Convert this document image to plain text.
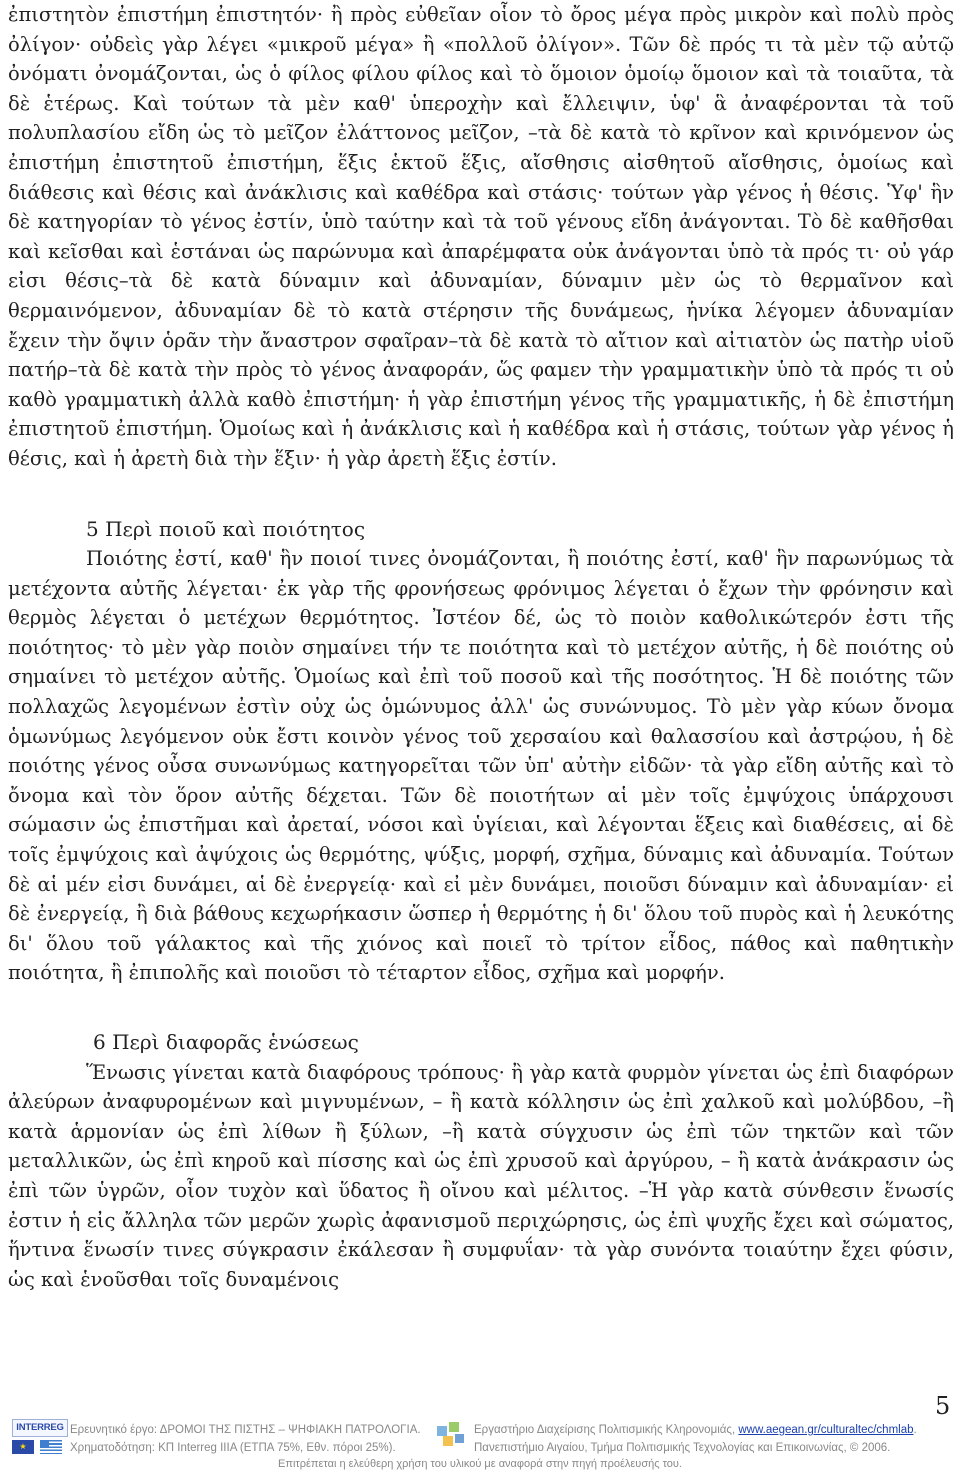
ἐπιστητὸν ἐπιστήμη ἐπιστητόν· ἢ πρὸς εὐθεῖαν οἷον τὸ ὄρος μέγα πρὸς μικρὸν καὶ πολὺ πρὸς ὀλίγον· οὐδεὶς γὰρ λέγει «μικροῦ μέγα» ἢ «πολλοῦ ὀλίγον». Τῶν δὲ πρός τι τὰ μὲν τῷ αὐτῷ ὀνόματι ὀνομάζονται, ὡς ὁ φίλος φίλου φίλος καὶ τὸ ὅμοιον ὁμοίῳ ὅμοιον καὶ τὰ τοιαῦτα, τὰ δὲ ἑτέρως. Καὶ τούτων τὰ μὲν καθ' ὑπεροχὴν καὶ ἔλλειψιν, ὑφ' ἃ ἀναφέρονται τὰ τοῦ πολυπλασίου εἴδη ὡς τὸ μεῖζον ἐλάττονος μεῖζον, –τὰ δὲ κατὰ τὸ κρῖνον καὶ κρινόμενον ὡς ἐπιστήμη ἐπιστητοῦ ἐπιστήμη, ἕξις ἑκτοῦ ἕξις, αἴσθησις αἰσθητοῦ αἴσθησις, ὁμοίως καὶ διάθεσις καὶ θέσις καὶ ἀνάκλισις καὶ καθέδρα καὶ στάσις· τούτων γὰρ γένος ἡ θέσις. Ὑφ' ἣν δὲ κατηγορίαν τὸ γένος ἐστίν, ὑπὸ ταύτην καὶ τὰ τοῦ γένους εἴδη ἀνάγονται. Τὸ δὲ καθῆσθαι καὶ κεῖσθαι καὶ ἑστάναι ὡς παρώνυμα καὶ ἀπαρέμφατα οὐκ ἀνάγονται ὑπὸ τὰ πρός τι· οὐ γάρ εἰσι θέσις–τὰ δὲ κατὰ δύναμιν καὶ ἀδυναμίαν, δύναμιν μὲν ὡς τὸ θερμαῖνον καὶ θερμαινόμενον, ἀδυναμίαν δὲ τὸ κατὰ στέρησιν τῆς δυνάμεως, ἡνίκα λέγομεν ἀδυναμίαν ἔχειν τὴν ὄψιν ὁρᾶν τὴν ἄναστρον σφαῖραν–τὰ δὲ κατὰ τὸ αἴτιον καὶ αἰτιατὸν ὡς πατὴρ υἱοῦ πατήρ–τὰ δὲ κατὰ τὴν πρὸς τὸ γένος ἀναφοράν, ὥς φαμεν τὴν γραμματικὴν ὑπὸ τὰ πρός τι οὐ καθὸ γραμματικὴ ἀλλὰ καθὸ ἐπιστήμη· ἡ γὰρ ἐπιστήμη γένος τῆς γραμματικῆς, ἡ δὲ ἐπιστήμη ἐπιστητοῦ ἐπιστήμη. Ὁμοίως καὶ ἡ ἀνάκλισις καὶ ἡ καθέδρα καὶ ἡ στάσις, τούτων γὰρ γένος ἡ θέσις, καὶ ἡ ἀρετὴ διὰ τὴν ἕξιν· ἡ γὰρ ἀρετὴ ἕξις ἐστίν.

5 Περὶ ποιοῦ καὶ ποιότητος

Ποιότης ἐστί, καθ' ἣν ποιοί τινες ὀνομάζονται, ἢ ποιότης ἐστί, καθ' ἣν παρωνύμως τὰ μετέχοντα αὐτῆς λέγεται· ἐκ γὰρ τῆς φρονήσεως φρόνιμος λέγεται ὁ ἔχων τὴν φρόνησιν καὶ θερμὸς λέγεται ὁ μετέχων θερμότητος. Ἰστέον δέ, ὡς τὸ ποιὸν καθολικώτερόν ἐστι τῆς ποιότητος· τὸ μὲν γὰρ ποιὸν σημαίνει τήν τε ποιότητα καὶ τὸ μετέχον αὐτῆς, ἡ δὲ ποιότης οὐ σημαίνει τὸ μετέχον αὐτῆς. Ὁμοίως καὶ ἐπὶ τοῦ ποσοῦ καὶ τῆς ποσότητος. Ἡ δὲ ποιότης τῶν πολλαχῶς λεγομένων ἐστὶν οὐχ ὡς ὁμώνυμος ἀλλ' ὡς συνώνυμος. Τὸ μὲν γὰρ κύων ὄνομα ὁμωνύμως λεγόμενον οὐκ ἔστι κοινὸν γένος τοῦ χερσαίου καὶ θαλασσίου καὶ ἀστρῴου, ἡ δὲ ποιότης γένος οὖσα συνωνύμως κατηγορεῖται τῶν ὑπ' αὐτὴν εἰδῶν· τὰ γὰρ εἴδη αὐτῆς καὶ τὸ ὄνομα καὶ τὸν ὅρον αὐτῆς δέχεται. Τῶν δὲ ποιοτήτων αἱ μὲν τοῖς ἐμψύχοις ὑπάρχουσι σώμασιν ὡς ἐπιστῆμαι καὶ ἀρεταί, νόσοι καὶ ὑγίειαι, καὶ λέγονται ἕξεις καὶ διαθέσεις, αἱ δὲ τοῖς ἐμψύχοις καὶ ἀψύχοις ὡς θερμότης, ψύξις, μορφή, σχῆμα, δύναμις καὶ ἀδυναμία. Τούτων δὲ αἱ μέν εἰσι δυνάμει, αἱ δὲ ἐνεργείᾳ· καὶ εἰ μὲν δυνάμει, ποιοῦσι δύναμιν καὶ ἀδυναμίαν· εἰ δὲ ἐνεργείᾳ, ἢ διὰ βάθους κεχωρήκασιν ὥσπερ ἡ θερμότης ἡ δι' ὅλου τοῦ πυρὸς καὶ ἡ λευκότης δι' ὅλου τοῦ γάλακτος καὶ τῆς χιόνος καὶ ποιεῖ τὸ τρίτον εἶδος, πάθος καὶ παθητικὴν ποιότητα, ἢ ἐπιπολῆς καὶ ποιοῦσι τὸ τέταρτον εἶδος, σχῆμα καὶ μορφήν.

6 Περὶ διαφορᾶς ἑνώσεως

Ἕνωσις γίνεται κατὰ διαφόρους τρόπους· ἢ γὰρ κατὰ φυρμὸν γίνεται ὡς ἐπὶ διαφόρων ἀλεύρων ἀναφυρομένων καὶ μιγνυμένων, – ἢ κατὰ κόλλησιν ὡς ἐπὶ χαλκοῦ καὶ μολύβδου, –ἢ κατὰ ἁρμονίαν ὡς ἐπὶ λίθων ἢ ξύλων, –ἢ κατὰ σύγχυσιν ὡς ἐπὶ τῶν τηκτῶν καὶ τῶν μεταλλικῶν, ὡς ἐπὶ κηροῦ καὶ πίσσης καὶ ὡς ἐπὶ χρυσοῦ καὶ ἀργύρου, – ἢ κατὰ ἀνάκρασιν ὡς ἐπὶ τῶν ὑγρῶν, οἷον τυχὸν καὶ ὕδατος ἢ οἴνου καὶ μέλιτος. –Ἡ γὰρ κατὰ σύνθεσιν ἕνωσίς ἐστιν ἡ εἰς ἄλληλα τῶν μερῶν χωρὶς ἀφανισμοῦ περιχώρησις, ὡς ἐπὶ ψυχῆς ἔχει καὶ σώματος, ἥντινα ἕνωσίν τινες σύγκρασιν ἐκάλεσαν ἢ συμφυΐαν· τὰ γὰρ συνόντα τοιαύτην ἔχει φύσιν, ὡς καὶ ἑνοῦσθαι τοῖς δυναμένοις

5
INTERREG
★
Ερευνητικό έργο: ΔΡΟΜΟΙ ΤΗΣ ΠΙΣΤΗΣ – ΨΗΦΙΑΚΗ ΠΑΤΡΟΛΟΓΙΑ.
Χρηματοδότηση: ΚΠ Interreg IIIA (ΕΤΠΑ 75%, Εθν. πόροι 25%).
Εργαστήριο Διαχείρισης Πολιτισμικής Κληρονομιάς, www.aegean.gr/culturaltec/chmlab.
Πανεπιστήμιο Αιγαίου, Τμήμα Πολιτισμικής Τεχνολογίας και Επικοινωνίας, © 2006.
Επιτρέπεται η ελεύθερη χρήση του υλικού με αναφορά στην πηγή προέλευσής του.
